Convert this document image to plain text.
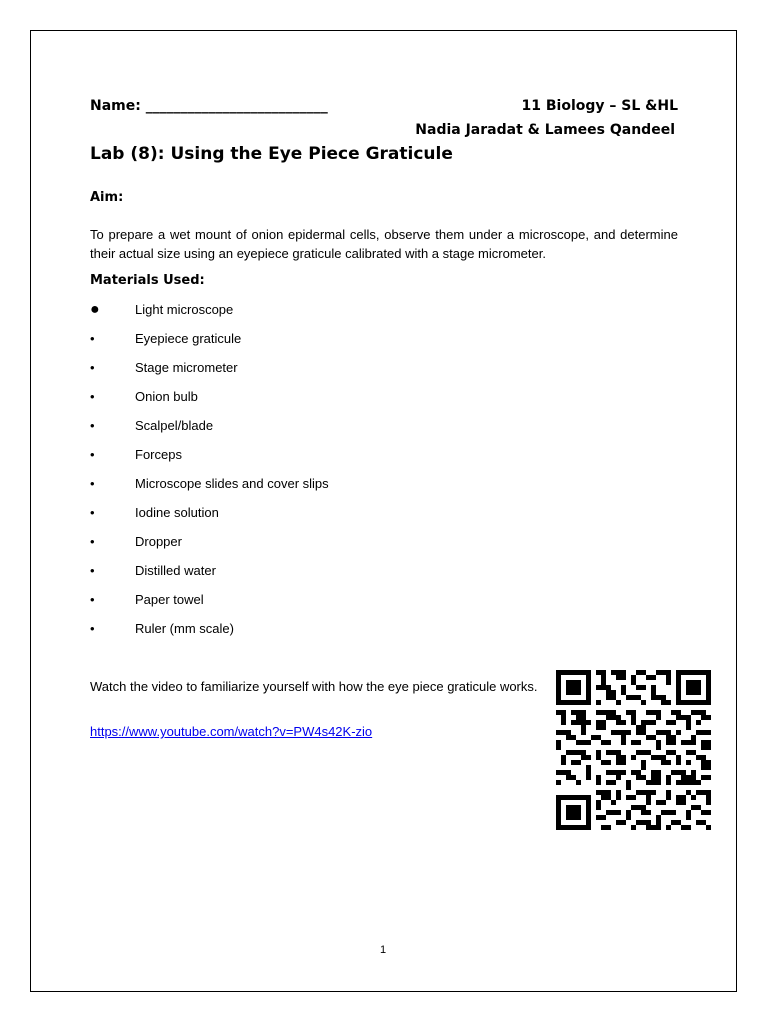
Name: __________________________	11 Biology – SL &HL
Nadia Jaradat & Lamees Qandeel
Lab (8): Using the Eye Piece Graticule
Aim:
To prepare a wet mount of onion epidermal cells, observe them under a microscope, and determine their actual size using an eyepiece graticule calibrated with a stage micrometer.
Materials Used:
●	Light microscope
•	Eyepiece graticule
•	Stage micrometer
•	Onion bulb
•	Scalpel/blade
•	Forceps
•	Microscope slides and cover slips
•	Iodine solution
•	Dropper
•	Distilled water
•	Paper towel
•	Ruler (mm scale)
Watch the video to familiarize yourself with how the eye piece graticule works.
https://www.youtube.com/watch?v=PW4s42K-zio
1
